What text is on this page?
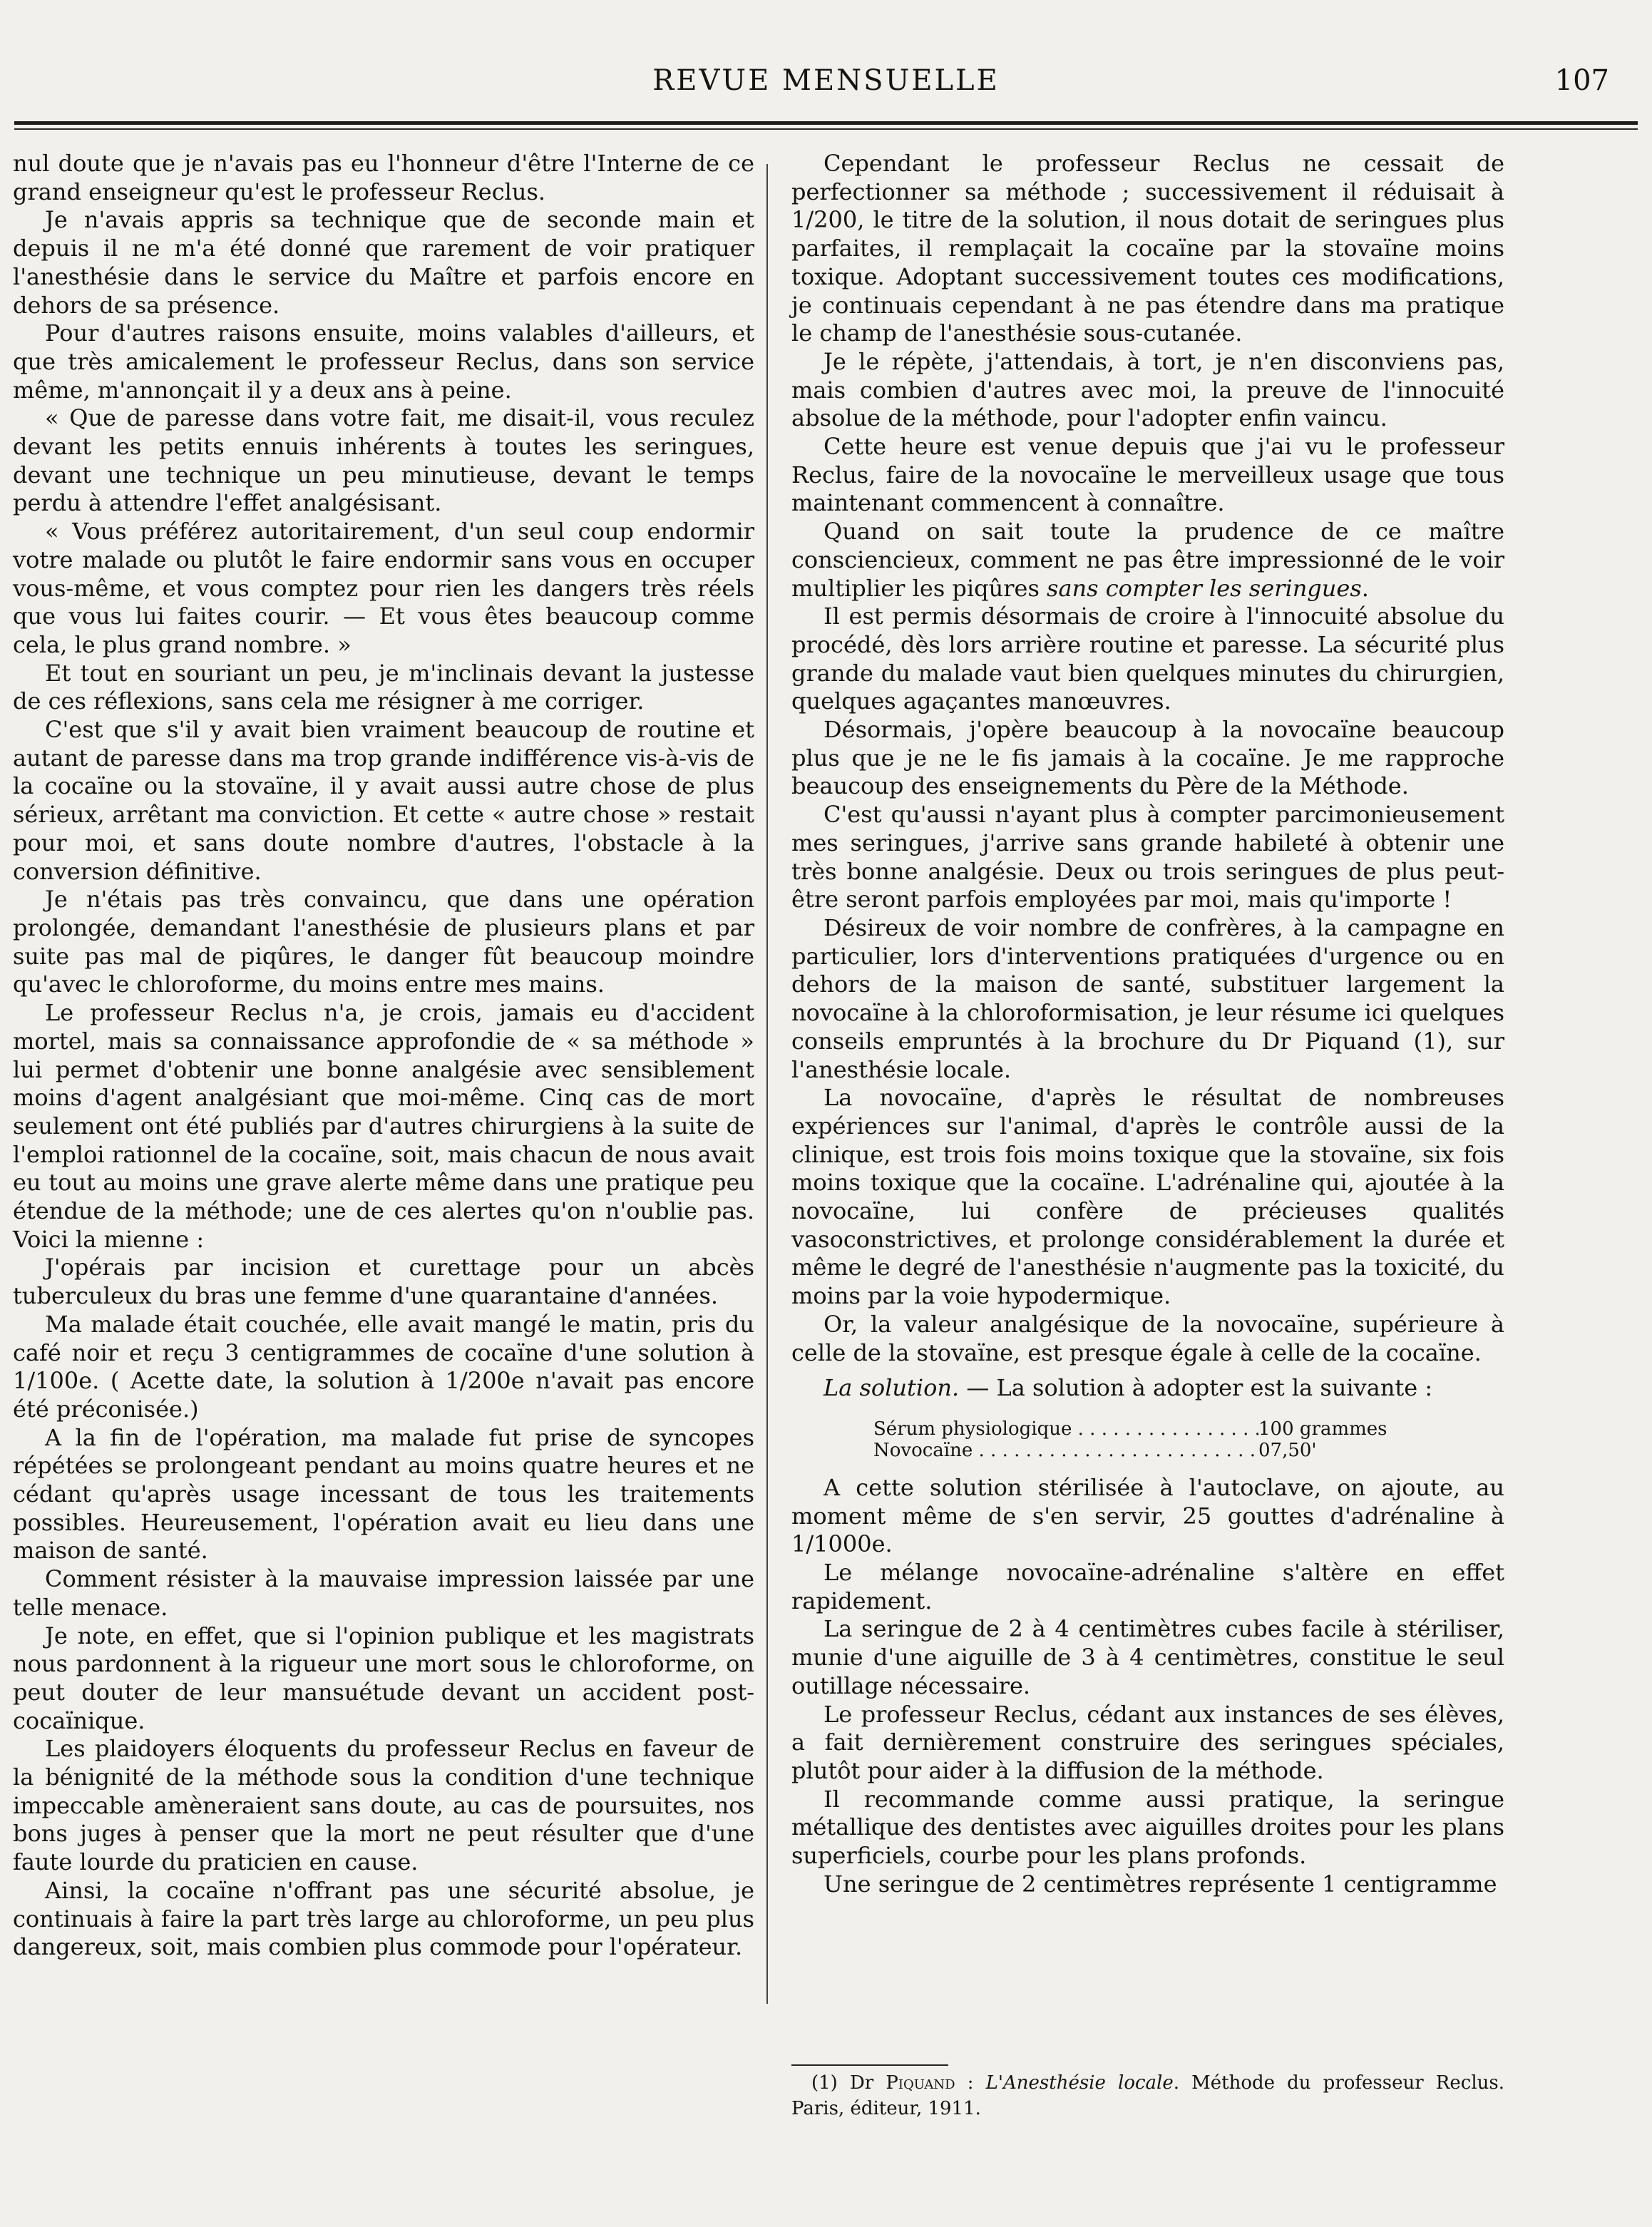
REVUE MENSUELLE	107

nul doute que je n'avais pas eu l'honneur d'être l'Interne de ce grand enseigneur qu'est le professeur Reclus.

Je n'avais appris sa technique que de seconde main et depuis il ne m'a été donné que rarement de voir pratiquer l'anesthésie dans le service du Maître et parfois encore en dehors de sa présence.

Pour d'autres raisons ensuite, moins valables d'ailleurs, et que très amicalement le professeur Reclus, dans son service même, m'annonçait il y a deux ans à peine.

« Que de paresse dans votre fait, me disait-il, vous reculez devant les petits ennuis inhérents à toutes les seringues, devant une technique un peu minutieuse, devant le temps perdu à attendre l'effet analgésisant.

« Vous préférez autoritairement, d'un seul coup endormir votre malade ou plutôt le faire endormir sans vous en occuper vous-même, et vous comptez pour rien les dangers très réels que vous lui faites courir. — Et vous êtes beaucoup comme cela, le plus grand nombre. »

Et tout en souriant un peu, je m'inclinais devant la justesse de ces réflexions, sans cela me résigner à me corriger.

C'est que s'il y avait bien vraiment beaucoup de routine et autant de paresse dans ma trop grande indifférence vis-à-vis de la cocaïne ou la stovaïne, il y avait aussi autre chose de plus sérieux, arrêtant ma conviction. Et cette « autre chose » restait pour moi, et sans doute nombre d'autres, l'obstacle à la conversion définitive.

Je n'étais pas très convaincu, que dans une opération prolongée, demandant l'anesthésie de plusieurs plans et par suite pas mal de piqûres, le danger fût beaucoup moindre qu'avec le chloroforme, du moins entre mes mains.

Le professeur Reclus n'a, je crois, jamais eu d'accident mortel, mais sa connaissance approfondie de « sa méthode » lui permet d'obtenir une bonne analgésie avec sensiblement moins d'agent analgésiant que moi-même. Cinq cas de mort seulement ont été publiés par d'autres chirurgiens à la suite de l'emploi rationnel de la cocaïne, soit, mais chacun de nous avait eu tout au moins une grave alerte même dans une pratique peu étendue de la méthode; une de ces alertes qu'on n'oublie pas. Voici la mienne :

J'opérais par incision et curettage pour un abcès tuberculeux du bras une femme d'une quarantaine d'années.

Ma malade était couchée, elle avait mangé le matin, pris du café noir et reçu 3 centigrammes de cocaïne d'une solution à 1/100e. ( Acette date, la solution à 1/200e n'avait pas encore été préconisée.)

A la fin de l'opération, ma malade fut prise de syncopes répétées se prolongeant pendant au moins quatre heures et ne cédant qu'après usage incessant de tous les traitements possibles. Heureusement, l'opération avait eu lieu dans une maison de santé.

Comment résister à la mauvaise impression laissée par une telle menace.

Je note, en effet, que si l'opinion publique et les magistrats nous pardonnent à la rigueur une mort sous le chloroforme, on peut douter de leur mansuétude devant un accident post-cocaïnique.

Les plaidoyers éloquents du professeur Reclus en faveur de la bénignité de la méthode sous la condition d'une technique impeccable amèneraient sans doute, au cas de poursuites, nos bons juges à penser que la mort ne peut résulter que d'une faute lourde du praticien en cause.

Ainsi, la cocaïne n'offrant pas une sécurité absolue, je continuais à faire la part très large au chloroforme, un peu plus dangereux, soit, mais combien plus commode pour l'opérateur.

Cependant le professeur Reclus ne cessait de perfectionner sa méthode ; successivement il réduisait à 1/200, le titre de la solution, il nous dotait de seringues plus parfaites, il remplaçait la cocaïne par la stovaïne moins toxique. Adoptant successivement toutes ces modifications, je continuais cependant à ne pas étendre dans ma pratique le champ de l'anesthésie sous-cutanée.

Je le répète, j'attendais, à tort, je n'en disconviens pas, mais combien d'autres avec moi, la preuve de l'innocuité absolue de la méthode, pour l'adopter enfin vaincu.

Cette heure est venue depuis que j'ai vu le professeur Reclus, faire de la novocaïne le merveilleux usage que tous maintenant commencent à connaître.

Quand on sait toute la prudence de ce maître consciencieux, comment ne pas être impressionné de le voir multiplier les piqûres sans compter les seringues.

Il est permis désormais de croire à l'innocuité absolue du procédé, dès lors arrière routine et paresse. La sécurité plus grande du malade vaut bien quelques minutes du chirurgien, quelques agaçantes manœuvres.

Désormais, j'opère beaucoup à la novocaïne beaucoup plus que je ne le fis jamais à la cocaïne. Je me rapproche beaucoup des enseignements du Père de la Méthode.

C'est qu'aussi n'ayant plus à compter parcimonieusement mes seringues, j'arrive sans grande habileté à obtenir une très bonne analgésie. Deux ou trois seringues de plus peut-être seront parfois employées par moi, mais qu'importe !

Désireux de voir nombre de confrères, à la campagne en particulier, lors d'interventions pratiquées d'urgence ou en dehors de la maison de santé, substituer largement la novocaïne à la chloroformisation, je leur résume ici quelques conseils empruntés à la brochure du Dr Piquand (1), sur l'anesthésie locale.

La novocaïne, d'après le résultat de nombreuses expériences sur l'animal, d'après le contrôle aussi de la clinique, est trois fois moins toxique que la stovaïne, six fois moins toxique que la cocaïne. L'adrénaline qui, ajoutée à la novocaïne, lui confère de précieuses qualités vasoconstrictives, et prolonge considérablement la durée et même le degré de l'anesthésie n'augmente pas la toxicité, du moins par la voie hypodermique.

Or, la valeur analgésique de la novocaïne, supérieure à celle de la stovaïne, est presque égale à celle de la cocaïne.

La solution. — La solution à adopter est la suivante :

Sérum physiologique . . .	100 grammes
Novocaïne . . .	07,50'

A cette solution stérilisée à l'autoclave, on ajoute, au moment même de s'en servir, 25 gouttes d'adrénaline à 1/1000e.

Le mélange novocaïne-adrénaline s'altère en effet rapidement.

La seringue de 2 à 4 centimètres cubes facile à stériliser, munie d'une aiguille de 3 à 4 centimètres, constitue le seul outillage nécessaire.

Le professeur Reclus, cédant aux instances de ses élèves, a fait dernièrement construire des seringues spéciales, plutôt pour aider à la diffusion de la méthode.

Il recommande comme aussi pratique, la seringue métallique des dentistes avec aiguilles droites pour les plans superficiels, courbe pour les plans profonds.

Une seringue de 2 centimètres représente 1 centigramme

(1) Dr Piquand : L'Anesthésie locale. Méthode du professeur Reclus. Paris, éditeur, 1911.
